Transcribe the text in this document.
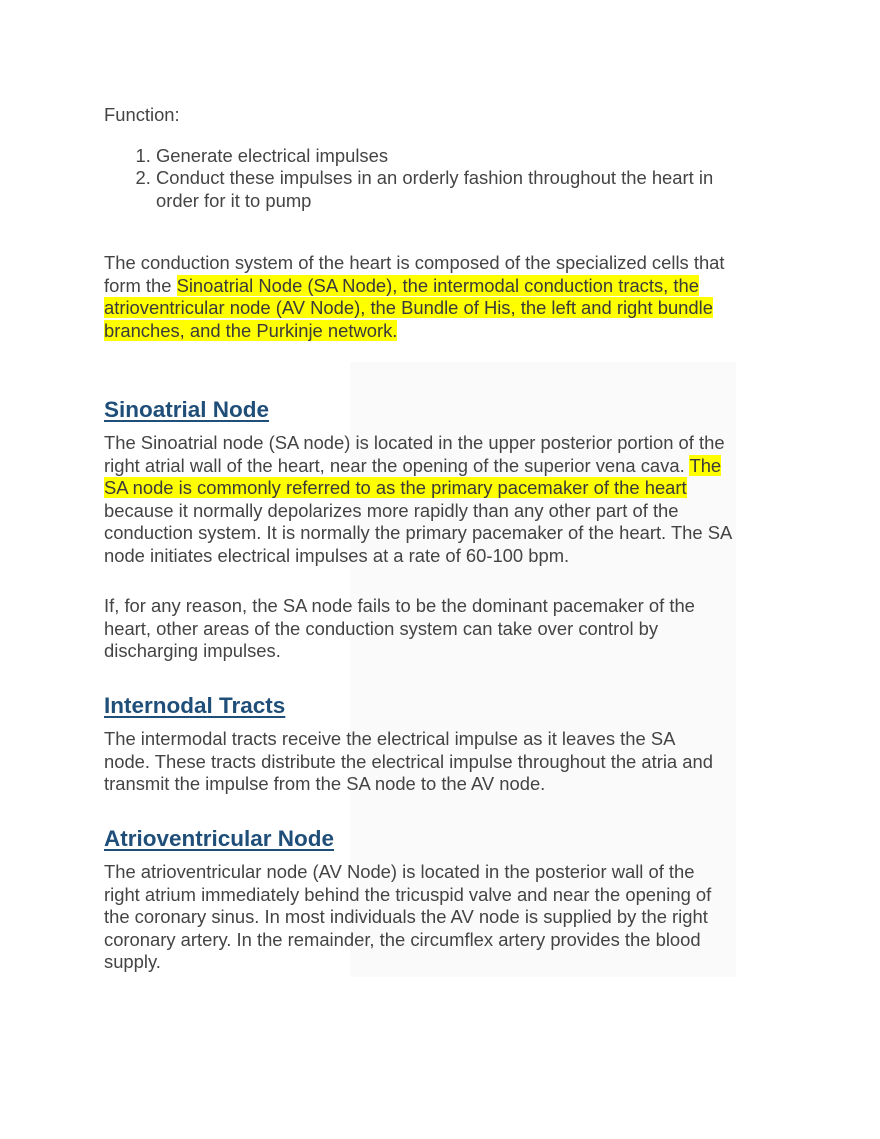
Function:

1. Generate electrical impulses
2. Conduct these impulses in an orderly fashion throughout the heart in order for it to pump

The conduction system of the heart is composed of the specialized cells that form the Sinoatrial Node (SA Node), the intermodal conduction tracts, the atrioventricular node (AV Node), the Bundle of His, the left and right bundle branches, and the Purkinje network.

Sinoatrial Node

The Sinoatrial node (SA node) is located in the upper posterior portion of the right atrial wall of the heart, near the opening of the superior vena cava. The SA node is commonly referred to as the primary pacemaker of the heart because it normally depolarizes more rapidly than any other part of the conduction system. It is normally the primary pacemaker of the heart. The SA node initiates electrical impulses at a rate of 60-100 bpm.

If, for any reason, the SA node fails to be the dominant pacemaker of the heart, other areas of the conduction system can take over control by discharging impulses.

Internodal Tracts

The intermodal tracts receive the electrical impulse as it leaves the SA node. These tracts distribute the electrical impulse throughout the atria and transmit the impulse from the SA node to the AV node.

Atrioventricular Node

The atrioventricular node (AV Node) is located in the posterior wall of the right atrium immediately behind the tricuspid valve and near the opening of the coronary sinus. In most individuals the AV node is supplied by the right coronary artery. In the remainder, the circumflex artery provides the blood supply.
